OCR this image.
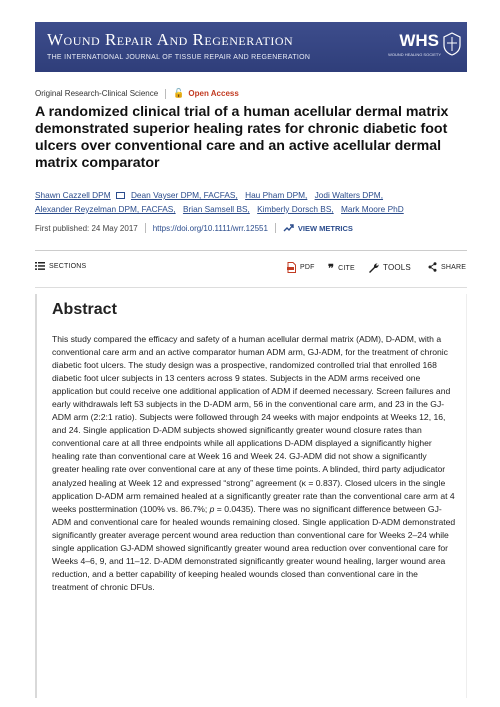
Wound Repair And Regeneration
THE INTERNATIONAL JOURNAL OF TISSUE REPAIR AND REGENERATION
WHS
WOUND HEALING SOCIETY
Original Research-Clinical Science 🔓 Open Access
A randomized clinical trial of a human acellular dermal matrix demonstrated superior healing rates for chronic diabetic foot ulcers over conventional care and an active acellular dermal matrix comparator
Shawn Cazzell DPM Dean Vayser DPM, FACFAS, Hau Pham DPM, Jodi Walters DPM,
Alexander Reyzelman DPM, FACFAS, Brian Samsell BS, Kimberly Dorsch BS, Mark Moore PhD
First published: 24 May 2017 https://doi.org/10.1111/wrr.12551	VIEW METRICS
SECTIONS	PDF ❞ CITE	TOOLS	SHARE
Abstract

This study compared the efficacy and safety of a human acellular dermal matrix (ADM), D-ADM, with a conventional care arm and an active comparator human ADM arm, GJ-ADM, for the treatment of chronic diabetic foot ulcers. The study design was a prospective, randomized controlled trial that enrolled 168 diabetic foot ulcer subjects in 13 centers across 9 states. Subjects in the ADM arms received one application but could receive one additional application of ADM if deemed necessary. Screen failures and early withdrawals left 53 subjects in the D-ADM arm, 56 in the conventional care arm, and 23 in the GJ-ADM arm (2:2:1 ratio). Subjects were followed through 24 weeks with major endpoints at Weeks 12, 16, and 24. Single application D-ADM subjects showed significantly greater wound closure rates than conventional care at all three endpoints while all applications D-ADM displayed a significantly higher healing rate than conventional care at Week 16 and Week 24. GJ-ADM did not show a significantly greater healing rate over conventional care at any of these time points. A blinded, third party adjudicator analyzed healing at Week 12 and expressed “strong” agreement (κ = 0.837). Closed ulcers in the single application D-ADM arm remained healed at a significantly greater rate than the conventional care arm at 4 weeks posttermination (100% vs. 86.7%; p = 0.0435). There was no significant difference between GJ-ADM and conventional care for healed wounds remaining closed. Single application D-ADM demonstrated significantly greater average percent wound area reduction than conventional care for Weeks 2–24 while single application GJ-ADM showed significantly greater wound area reduction over conventional care for Weeks 4–6, 9, and 11–12. D-ADM demonstrated significantly greater wound healing, larger wound area reduction, and a better capability of keeping healed wounds closed than conventional care in the treatment of chronic DFUs.
